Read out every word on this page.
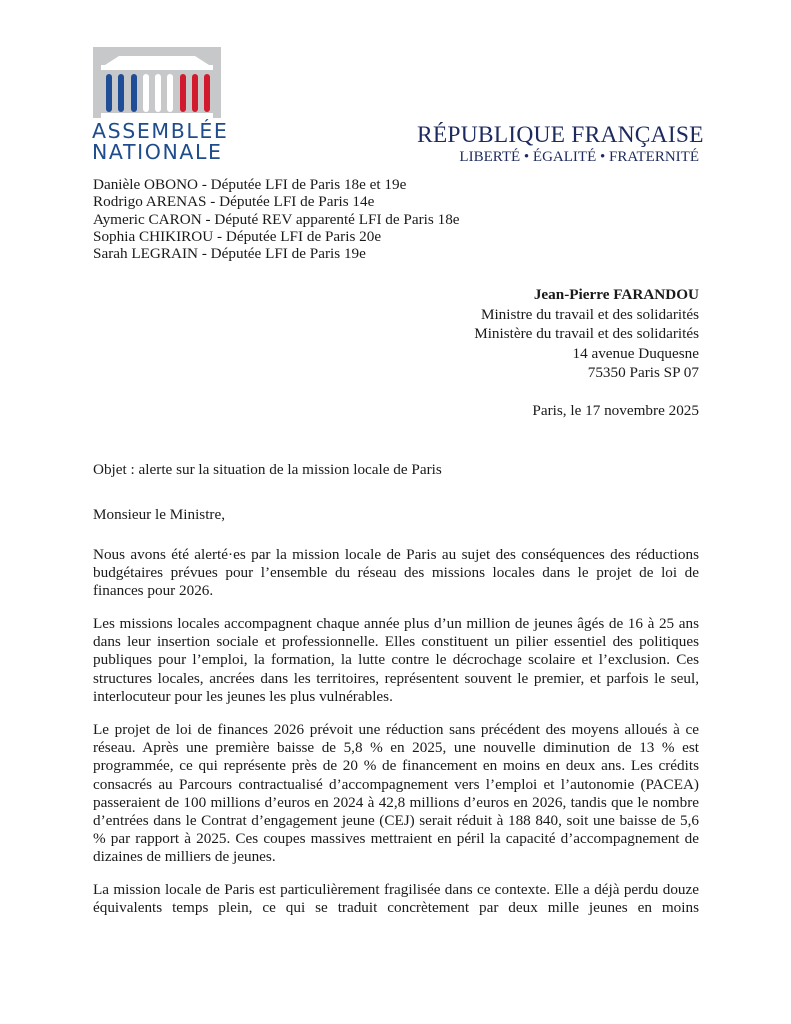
ASSEMBLÉE
NATIONALE
RÉPUBLIQUE FRANÇAISE
LIBERTÉ • ÉGALITÉ • FRATERNITÉ
Danièle OBONO - Députée LFI de Paris 18e et 19e
Rodrigo ARENAS - Députée LFI de Paris 14e
Aymeric CARON - Député REV apparenté LFI de Paris 18e
Sophia CHIKIROU - Députée LFI de Paris 20e
Sarah LEGRAIN - Députée LFI de Paris 19e
Jean-Pierre FARANDOU
Ministre du travail et des solidarités
Ministère du travail et des solidarités
14 avenue Duquesne
75350 Paris SP 07
Paris, le 17 novembre 2025
Objet : alerte sur la situation de la mission locale de Paris
Monsieur le Ministre,

Nous avons été alerté·es par la mission locale de Paris au sujet des conséquences des réductions budgétaires prévues pour l’ensemble du réseau des missions locales dans le projet de loi de finances pour 2026.

Les missions locales accompagnent chaque année plus d’un million de jeunes âgés de 16 à 25 ans dans leur insertion sociale et professionnelle. Elles constituent un pilier essentiel des politiques publiques pour l’emploi, la formation, la lutte contre le décrochage scolaire et l’exclusion. Ces structures locales, ancrées dans les territoires, représentent souvent le premier, et parfois le seul, interlocuteur pour les jeunes les plus vulnérables.

Le projet de loi de finances 2026 prévoit une réduction sans précédent des moyens alloués à ce réseau. Après une première baisse de 5,8 % en 2025, une nouvelle diminution de 13 % est programmée, ce qui représente près de 20 % de financement en moins en deux ans. Les crédits consacrés au Parcours contractualisé d’accompagnement vers l’emploi et l’autonomie (PACEA) passeraient de 100 millions d’euros en 2024 à 42,8 millions d’euros en 2026, tandis que le nombre d’entrées dans le Contrat d’engagement jeune (CEJ) serait réduit à 188 840, soit une baisse de 5,6 % par rapport à 2025. Ces coupes massives mettraient en péril la capacité d’accompagnement de dizaines de milliers de jeunes.

La mission locale de Paris est particulièrement fragilisée dans ce contexte. Elle a déjà perdu douze équivalents temps plein, ce qui se traduit concrètement par deux mille jeunes en moins
